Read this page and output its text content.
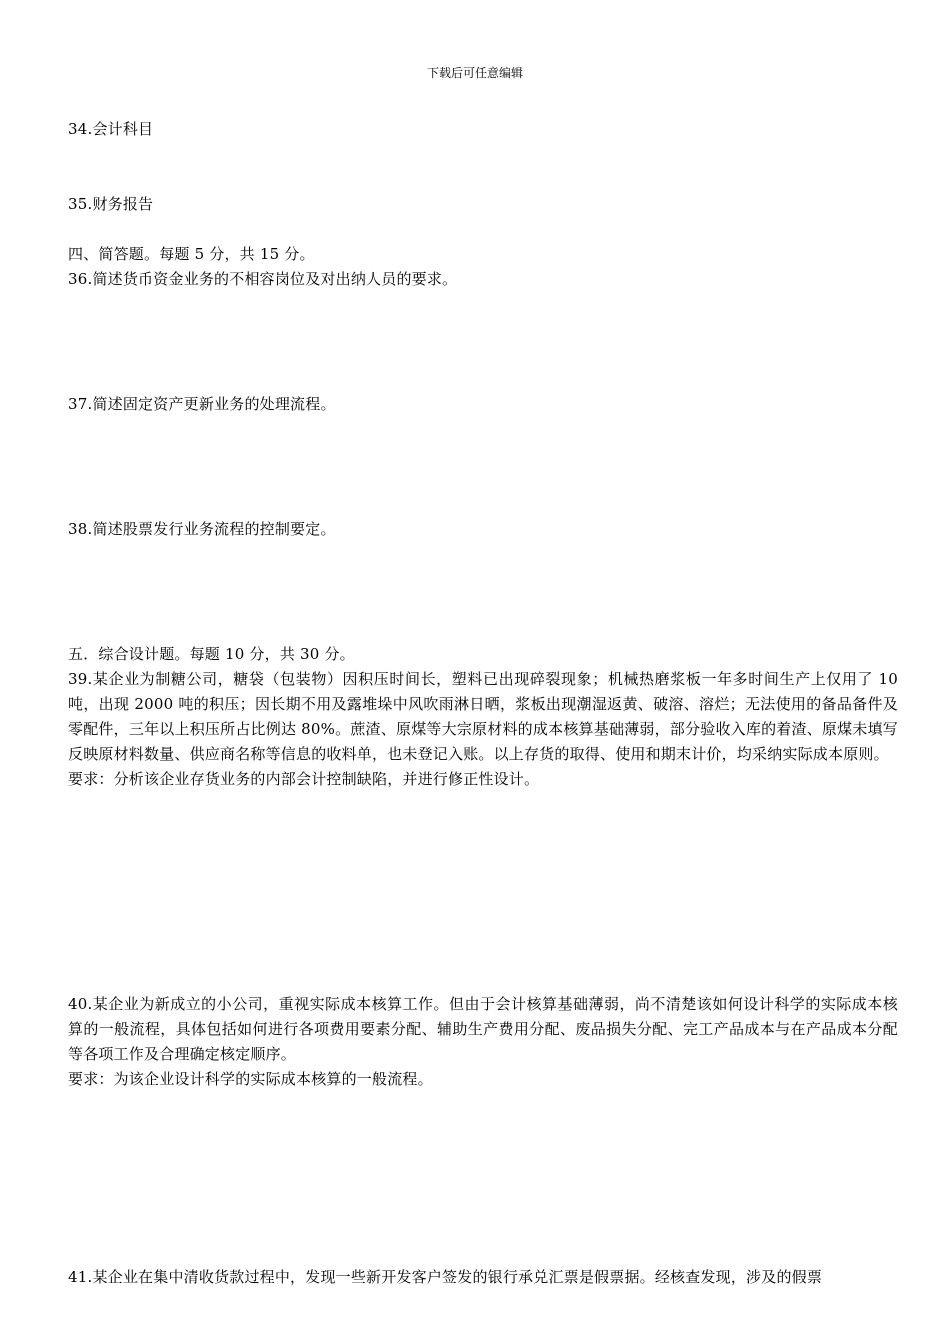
下载后可任意编辑

34.会计科目

35.财务报告

四、简答题。每题 5 分，共 15 分。

36.简述货币资金业务的不相容岗位及对出纳人员的要求。

37.简述固定资产更新业务的处理流程。

38.简述股票发行业务流程的控制要定。

五．综合设计题。每题 10 分，共 30 分。

39.某企业为制糖公司，糖袋（包装物）因积压时间长，塑料已出现碎裂现象；机械热磨浆板一年多时间生产上仅用了 10 吨，出现 2000 吨的积压；因长期不用及露堆垛中风吹雨淋日晒，浆板出现潮湿返黄、破溶、溶烂；无法使用的备品备件及零配件，三年以上积压所占比例达 80%。蔗渣、原煤等大宗原材料的成本核算基础薄弱，部分验收入库的着渣、原煤未填写反映原材料数量、供应商名称等信息的收料单，也未登记入账。以上存货的取得、使用和期末计价，均采纳实际成本原则。

要求：分析该企业存货业务的内部会计控制缺陷，并进行修正性设计。

40.某企业为新成立的小公司，重视实际成本核算工作。但由于会计核算基础薄弱，尚不清楚该如何设计科学的实际成本核算的一般流程，具体包括如何进行各项费用要素分配、辅助生产费用分配、废品损失分配、完工产品成本与在产品成本分配等各项工作及合理确定核定顺序。

要求：为该企业设计科学的实际成本核算的一般流程。

41.某企业在集中清收货款过程中，发现一些新开发客户签发的银行承兑汇票是假票据。经核查发现，涉及的假票
